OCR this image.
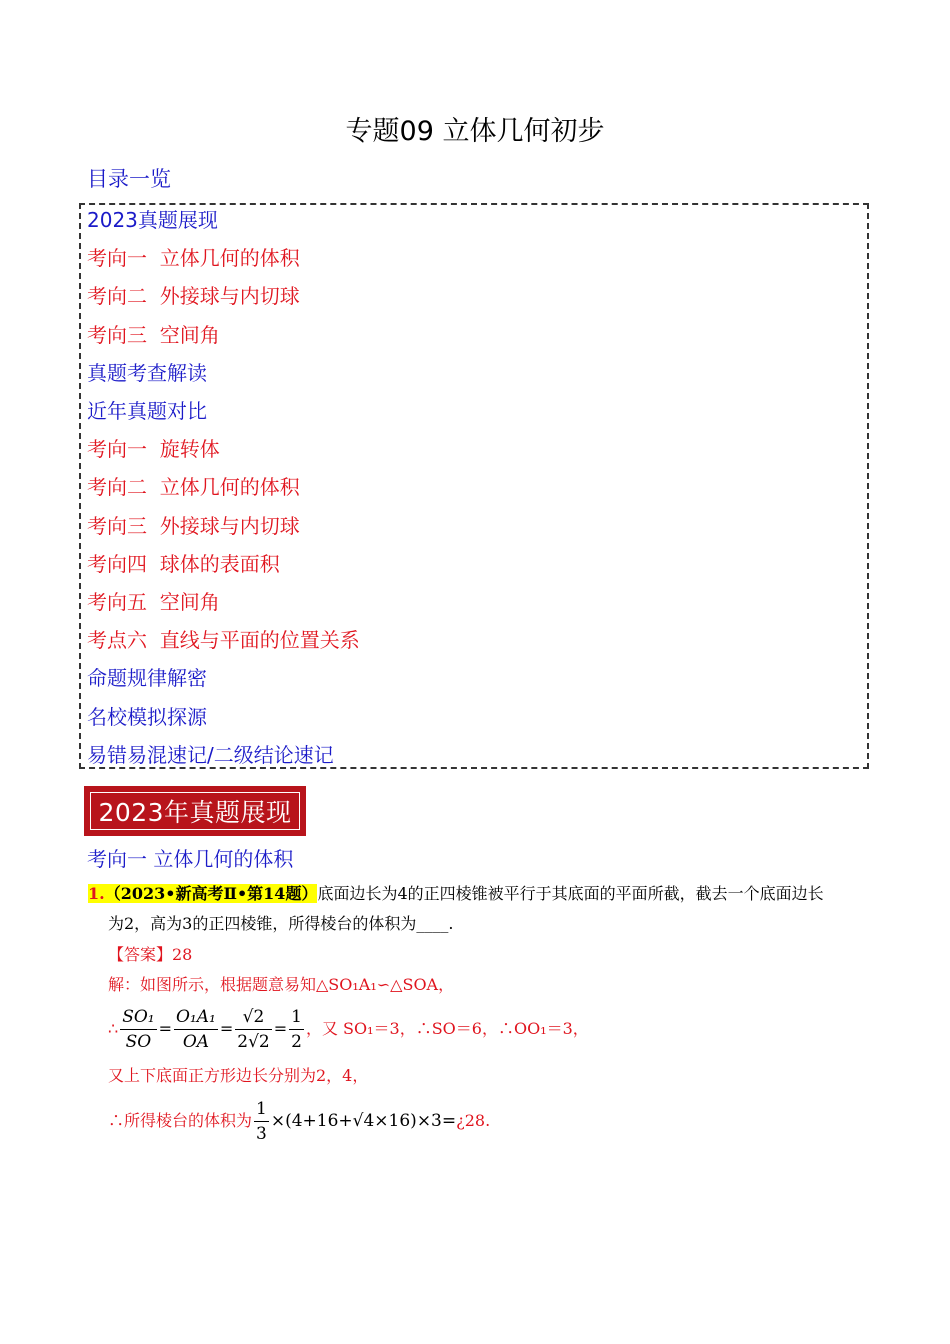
专题09 立体几何初步
目录一览
2023真题展现
考向一  立体几何的体积
考向二  外接球与内切球
考向三  空间角
真题考查解读
近年真题对比
考向一  旋转体
考向二  立体几何的体积
考向三  外接球与内切球
考向四  球体的表面积
考向五  空间角
考点六  直线与平面的位置关系
命题规律解密
名校模拟探源
易错易混速记/二级结论速记
2023年真题展现
考向一 立体几何的体积
1.（2023•新高考Ⅱ•第14题）底面边长为4的正四棱锥被平行于其底面的平面所截，截去一个底面边长
为2，高为3的正四棱锥，所得棱台的体积为____.
【答案】28
解：如图所示，根据题意易知△SO₁A₁∽△SOA，
∴ $\frac{\text{SO₁}}{SO} = \frac{\text{O₁A₁}}{OA} = \frac{√2}{2√2} = \frac{1}{2}$ ，又 SO₁＝3，∴SO＝6，∴OO₁＝3，
又上下底面正方形边长分别为2，4，
∴所得棱台的体积为 $\frac{1}{3}$ ×(4+16+√4×16)×3=¿28.
